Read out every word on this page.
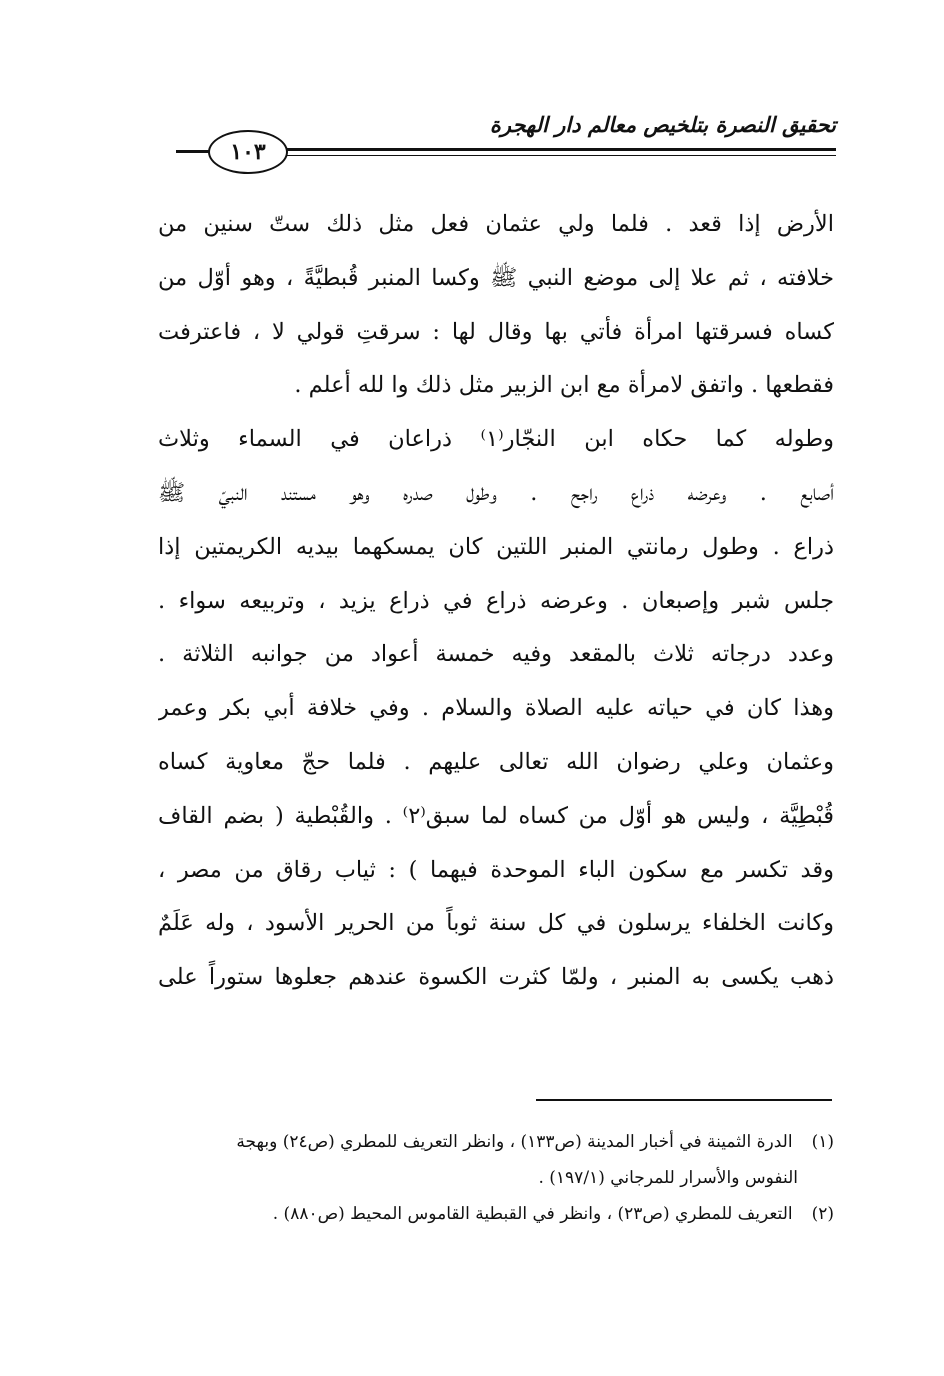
تحقيق النصرة بتلخيص معالم دار الهجرة
١٠٣
الأرض إذا قعد . فلما ولي عثمان فعل مثل ذلك ستّ سنين من
خلافته ، ثم علا إلى موضع النبي ﷺ وكسا المنبر قُبطيَّةً ، وهو أوّل من
كساه فسرقتها امرأة فأتي بها وقال لها : سرقتِ قولي لا ، فاعترفت
فقطعها . واتفق لامرأة مع ابن الزبير مثل ذلك وا لله أعلم .
وطوله كما حكاه ابن النجّار⁽١⁾ ذراعان في السماء وثلاث
أصابع . وعرضه ذراع راجح . وطول صدره وهو مستند النبيّ ﷺ
ذراع . وطول رمانتي المنبر اللتين كان يمسكهما بيديه الكريمتين إذا
جلس شبر وإصبعان . وعرضه ذراع في ذراع يزيد ، وتربيعه سواء .
وعدد درجاته ثلاث بالمقعد وفيه خمسة أعواد من جوانبه الثلاثة .
وهذا كان في حياته عليه الصلاة والسلام . وفي خلافة أبي بكر وعمر
وعثمان وعلي رضوان الله تعالى عليهم . فلما حجّ معاوية كساه
قُبْطِيَّة ، وليس هو أوّل من كساه لما سبق⁽٢⁾ . والقُبْطية ( بضم القاف
وقد تكسر مع سكون الباء الموحدة فيهما ) : ثياب رقاق من مصر ،
وكانت الخلفاء يرسلون في كل سنة ثوباً من الحرير الأسود ، وله عَلَمٌ
ذهب يكسى به المنبر ، ولمّا كثرت الكسوة عندهم جعلوها ستوراً على
(١) الدرة الثمينة في أخبار المدينة (ص١٣٣) ، وانظر التعريف للمطري (ص٢٤) وبهجة
النفوس والأسرار للمرجاني (١٩٧/١) .
(٢) التعريف للمطري (ص٢٣) ، وانظر في القبطية القاموس المحيط (ص٨٨٠) .
